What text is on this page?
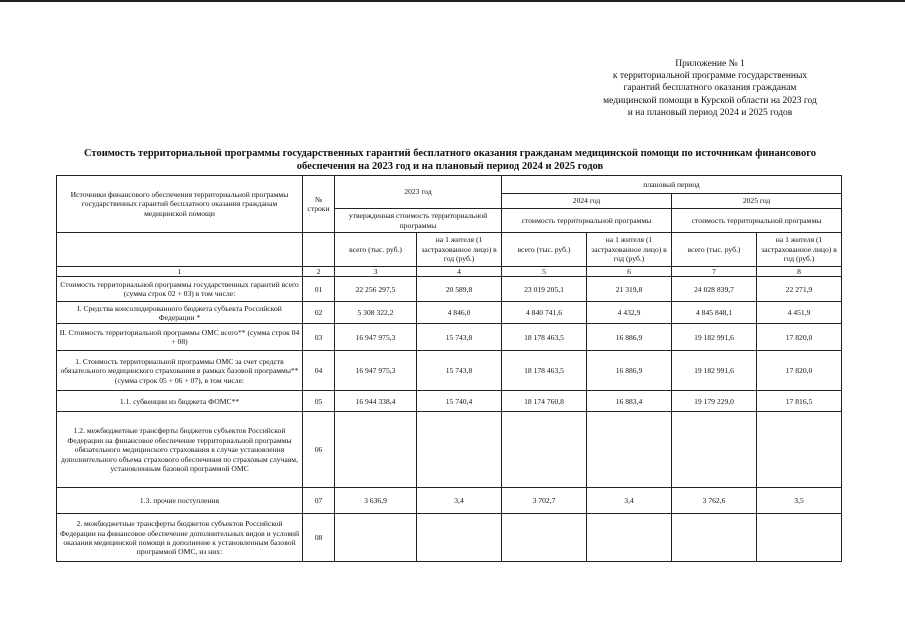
Приложение № 1
к территориальной программе государственных
гарантий бесплатного оказания гражданам
медицинской помощи в Курской области на 2023 год
и на плановый период 2024 и 2025 годов
Стоимость территориальной программы государственных гарантий бесплатного оказания гражданам медицинской помощи по источникам финансового
обеспечения на 2023 год и на плановый период 2024 и 2025 годов
Источники финансового обеспечения территориальной программы государственных гарантий бесплатного оказания гражданам медицинской помощи	№ строки	2023 год		плановый период			
				2024 год		2025 год	
		утвержденная стоимость территориальной программы		стоимость территориальной программы		стоимость территориальной программы	
		всего (тыс. руб.)	на 1 жителя (1 застрахованное лицо) в год (руб.)	всего (тыс. руб.)	на 1 жителя (1 застрахованное лицо) в год (руб.)	всего (тыс. руб.)	на 1 жителя (1 застрахованное лицо) в год (руб.)
1	2	3	4	5	6	7	8
Стоимость территориальной программы государственных гарантий всего (сумма строк 02 + 03) в том числе:	01	22 256 297,5	20 589,8	23 019 205,1	21 319,8	24 028 839,7	22 271,9
I. Средства консолидированного бюджета субъекта Российской Федерации *	02	5 308 322,2	4 846,0	4 840 741,6	4 432,9	4 845 848,1	4 451,9
II. Стоимость территориальной программы ОМС всего** (сумма строк 04 + 08)	03	16 947 975,3	15 743,8	18 178 463,5	16 886,9	19 182 991,6	17 820,0
1. Стоимость территориальной программы ОМС за счет средств обязательного медицинского страхования в рамках базовой программы** (сумма строк 05 + 06 + 07), в том числе:	04	16 947 975,3	15 743,8	18 178 463,5	16 886,9	19 182 991,6	17 820,0
1.1. субвенции из бюджета ФОМС**	05	16 944 338,4	15 740,4	18 174 760,8	16 883,4	19 179 229,0	17 816,5
1.2. межбюджетные трансферты бюджетов субъектов Российской Федерации на финансовое обеспечение территориальной программы обязательного медицинского страхования в случае установления дополнительного объема страхового обеспечения по страховым случаям, установленным базовой программой ОМС	06						
1.3. прочие поступления	07	3 636,9	3,4	3 702,7	3,4	3 762,6	3,5
2. межбюджетные трансферты бюджетов субъектов Российской Федерации на финансовое обеспечение дополнительных видов и условий оказания медицинской помощи в дополнение к установленным базовой программой ОМС, из них:	08						
